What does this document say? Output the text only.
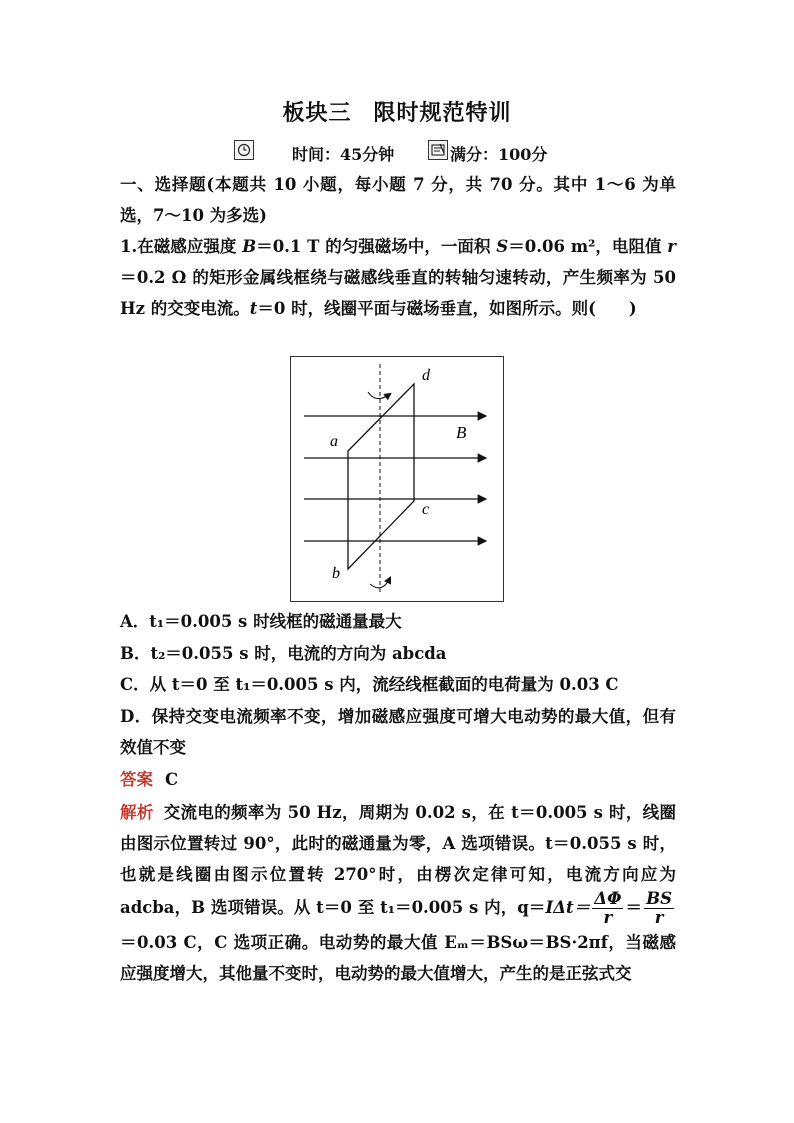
板块三 限时规范特训
时间：45分钟	满分：100分
一、选择题(本题共 10 小题，每小题 7 分，共 70 分。其中 1～6 为单选，7～10 为多选)
1.在磁感应强度 B＝0.1 T 的匀强磁场中，一面积 S＝0.06 m²，电阻值 r＝0.2 Ω 的矩形金属线框绕与磁感线垂直的转轴匀速转动，产生频率为 50 Hz 的交变电流。t＝0 时，线圈平面与磁场垂直，如图所示。则(　　)
a
b
c
d
B
A．t₁＝0.005 s 时线框的磁通量最大
B．t₂＝0.055 s 时，电流的方向为 abcda
C．从 t＝0 至 t₁＝0.005 s 内，流经线框截面的电荷量为 0.03 C
D．保持交变电流频率不变，增加磁感应强度可增大电动势的最大值，但有效值不变
答案 C
解析 交流电的频率为 50 Hz，周期为 0.02 s，在 t＝0.005 s 时，线圈由图示位置转过 90°，此时的磁通量为零，A 选项错误。t＝0.055 s 时，也就是线圈由图示位置转 270°时，由楞次定律可知，电流方向应为 adcba，B 选项错误。从 t＝0 至 t₁＝0.005 s 内，$q=I\Delta t= \frac{\Delta\Phi}{r} = \frac{BS}{r}$
＝0.03 C，C 选项正确。电动势的最大值 Eₘ＝BSω＝BS·2πf，当磁感应强度增大，其他量不变时，电动势的最大值增大，产生的是正弦式交
